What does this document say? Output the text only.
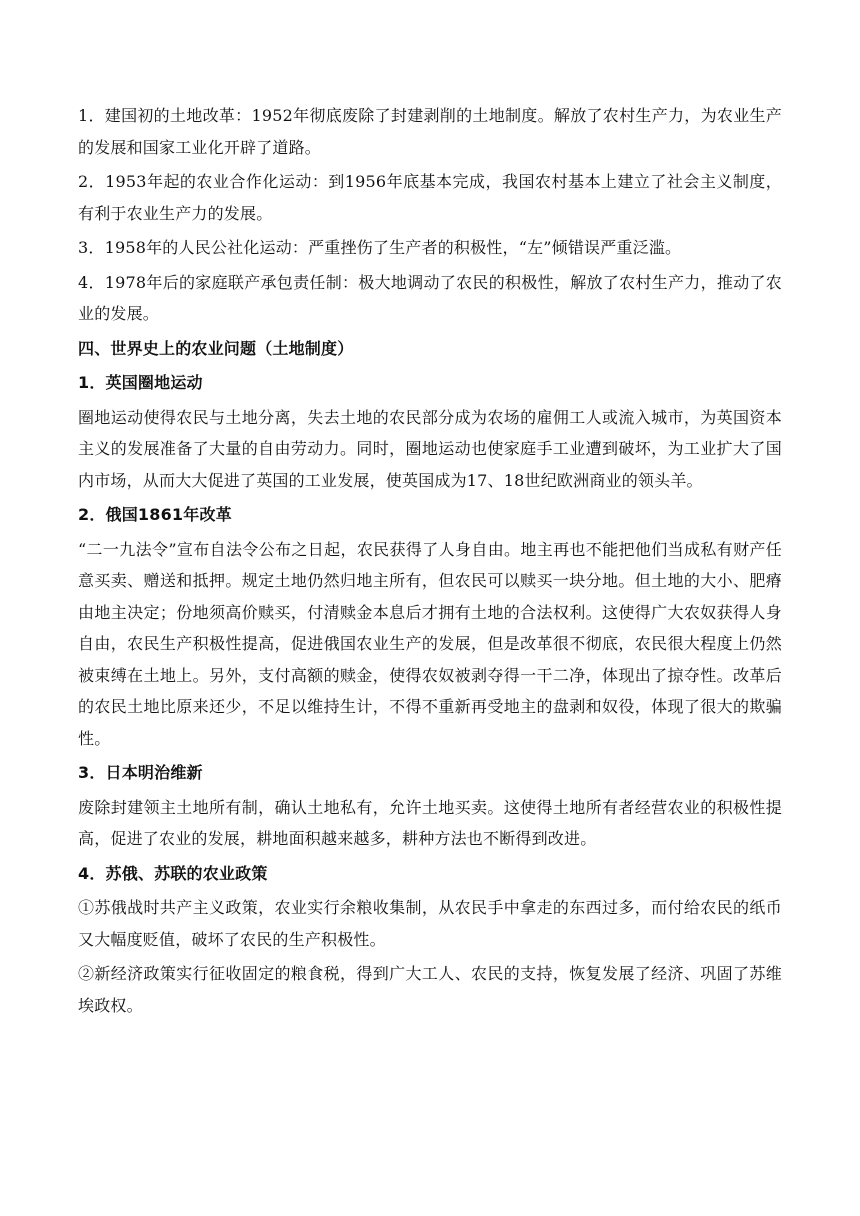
1．建国初的土地改革：1952年彻底废除了封建剥削的土地制度。解放了农村生产力，为农业生产的发展和国家工业化开辟了道路。

2．1953年起的农业合作化运动：到1956年底基本完成，我国农村基本上建立了社会主义制度，有利于农业生产力的发展。

3．1958年的人民公社化运动：严重挫伤了生产者的积极性，“左”倾错误严重泛滥。

4．1978年后的家庭联产承包责任制：极大地调动了农民的积极性，解放了农村生产力，推动了农业的发展。

四、世界史上的农业问题（土地制度）
1．英国圈地运动

圈地运动使得农民与土地分离，失去土地的农民部分成为农场的雇佣工人或流入城市，为英国资本主义的发展准备了大量的自由劳动力。同时，圈地运动也使家庭手工业遭到破坏，为工业扩大了国内市场，从而大大促进了英国的工业发展，使英国成为17、18世纪欧洲商业的领头羊。

2．俄国1861年改革

“二一九法令”宣布自法令公布之日起，农民获得了人身自由。地主再也不能把他们当成私有财产任意买卖、赠送和抵押。规定土地仍然归地主所有，但农民可以赎买一块分地。但土地的大小、肥瘠由地主决定；份地须高价赎买，付清赎金本息后才拥有土地的合法权利。这使得广大农奴获得人身自由，农民生产积极性提高，促进俄国农业生产的发展，但是改革很不彻底，农民很大程度上仍然被束缚在土地上。另外，支付高额的赎金，使得农奴被剥夺得一干二净，体现出了掠夺性。改革后的农民土地比原来还少，不足以维持生计，不得不重新再受地主的盘剥和奴役，体现了很大的欺骗性。

3．日本明治维新

废除封建领主土地所有制，确认土地私有，允许土地买卖。这使得土地所有者经营农业的积极性提高，促进了农业的发展，耕地面积越来越多，耕种方法也不断得到改进。

4．苏俄、苏联的农业政策

①苏俄战时共产主义政策，农业实行余粮收集制，从农民手中拿走的东西过多，而付给农民的纸币又大幅度贬值，破坏了农民的生产积极性。

②新经济政策实行征收固定的粮食税，得到广大工人、农民的支持，恢复发展了经济、巩固了苏维埃政权。
